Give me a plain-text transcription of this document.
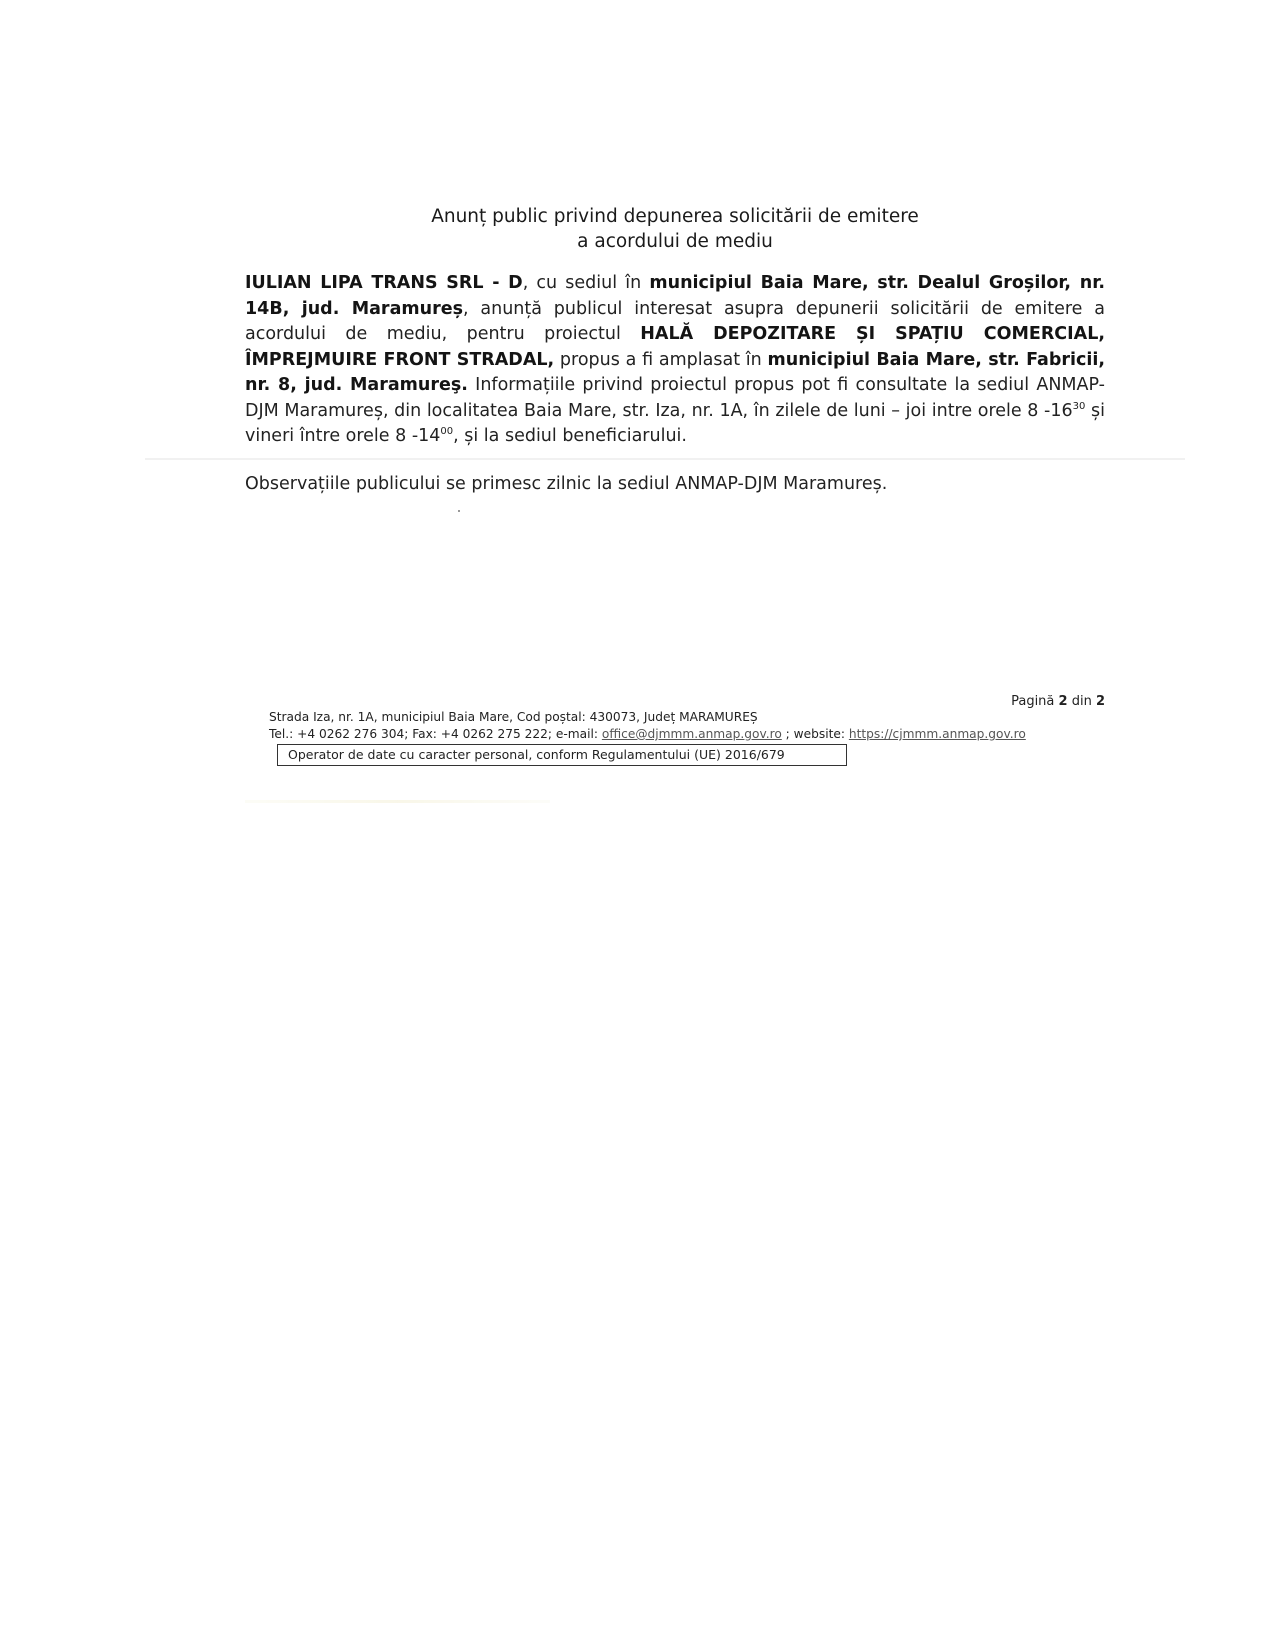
Anunț public privind depunerea solicitării de emitere
a acordului de mediu
IULIAN LIPA TRANS SRL - D, cu sediul în municipiul Baia Mare, str. Dealul Groșilor, nr. 14B, jud. Maramureș, anunță publicul interesat asupra depunerii solicitării de emitere a acordului de mediu, pentru proiectul HALĂ DEPOZITARE ȘI SPAȚIU COMERCIAL, ÎMPREJMUIRE FRONT STRADAL, propus a fi amplasat în municipiul Baia Mare, str. Fabricii, nr. 8, jud. Maramureş. Informațiile privind proiectul propus pot fi consultate la sediul ANMAP-DJM Maramureș, din localitatea Baia Mare, str. Iza, nr. 1A, în zilele de luni – joi intre orele 8 $-16^{30}$ și vineri între orele 8 $-14^{00}$, și la sediul beneficiarului.
Observațiile publicului se primesc zilnic la sediul ANMAP-DJM Maramureș.
Pagină 2 din 2
Strada Iza, nr. 1A, municipiul Baia Mare, Cod poștal: 430073, Județ MARAMUREȘ
Tel.: +4 0262 276 304; Fax: +4 0262 275 222; e-mail: office@djmmm.anmap.gov.ro ; website: https://cjmmm.anmap.gov.ro
Operator de date cu caracter personal, conform Regulamentului (UE) 2016/679
